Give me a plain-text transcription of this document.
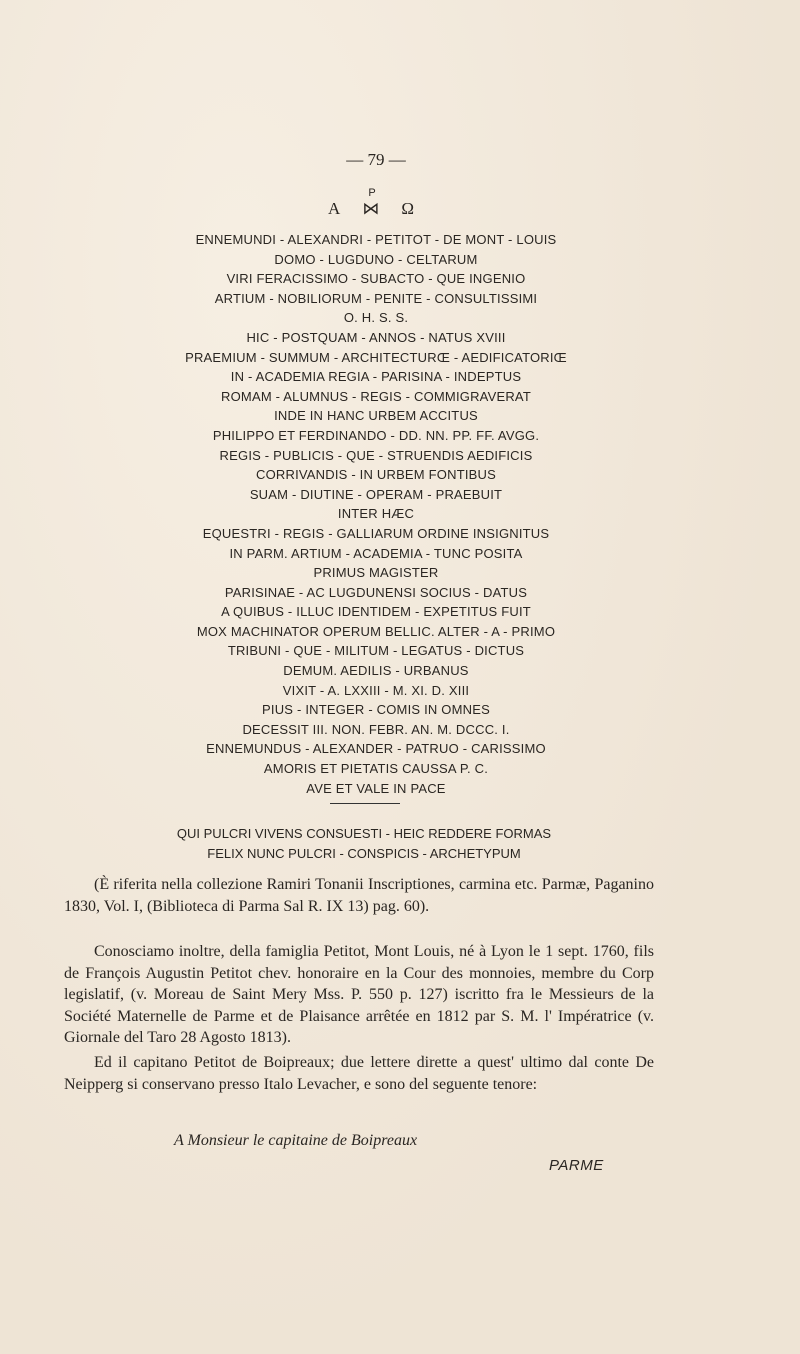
— 79 —
P
A ⋈ Ω
ENNEMUNDI - ALEXANDRI - PETITOT - DE MONT - LOUIS
DOMO - LUGDUNO - CELTARUM
VIRI FERACISSIMO - SUBACTO - QUE INGENIO
ARTIUM - NOBILIORUM - PENITE - CONSULTISSIMI
O. H. S. S.
HIC - POSTQUAM - ANNOS - NATUS XVIII
PRAEMIUM - SUMMUM - ARCHITECTURŒ - AEDIFICATORIŒ
IN - ACADEMIA REGIA - PARISINA - INDEPTUS
ROMAM - ALUMNUS - REGIS - COMMIGRAVERAT
INDE IN HANC URBEM ACCITUS
PHILIPPO ET FERDINANDO - DD. NN. PP. FF. AVGG.
REGIS - PUBLICIS - QUE - STRUENDIS AEDIFICIS
CORRIVANDIS - IN URBEM FONTIBUS
SUAM - DIUTINE - OPERAM - PRAEBUIT
INTER HÆC
EQUESTRI - REGIS - GALLIARUM ORDINE INSIGNITUS
IN PARM. ARTIUM - ACADEMIA - TUNC POSITA
PRIMUS MAGISTER
PARISINAE - AC LUGDUNENSI SOCIUS - DATUS
A QUIBUS - ILLUC IDENTIDEM - EXPETITUS FUIT
MOX MACHINATOR OPERUM BELLIC. ALTER - A - PRIMO
TRIBUNI - QUE - MILITUM - LEGATUS - DICTUS
DEMUM. AEDILIS - URBANUS
VIXIT - A. LXXIII - M. XI. D. XIII
PIUS - INTEGER - COMIS IN OMNES
DECESSIT III. NON. FEBR. AN. M. DCCC. I.
ENNEMUNDUS - ALEXANDER - PATRUO - CARISSIMO
AMORIS ET PIETATIS CAUSSA P. C.
AVE ET VALE IN PACE
QUI PULCRI VIVENS CONSUESTI - HEIC REDDERE FORMAS
FELIX NUNC PULCRI - CONSPICIS - ARCHETYPUM

(È riferita nella collezione Ramiri Tonanii Inscriptiones, carmina etc. Parmæ, Paganino 1830, Vol. I, (Biblioteca di Parma Sal R. IX 13) pag. 60).

Conosciamo inoltre, della famiglia Petitot, Mont Louis, né à Lyon le 1 sept. 1760, fils de François Augustin Petitot chev. honoraire en la Cour des monnoies, membre du Corp legislatif, (v. Moreau de Saint Mery Mss. P. 550 p. 127) iscritto fra le Messieurs de la Société Maternelle de Parme et de Plaisance arrêtée en 1812 par S. M. l' Impératrice (v. Giornale del Taro 28 Agosto 1813).

Ed il capitano Petitot de Boipreaux; due lettere dirette a quest' ultimo dal conte De Neipperg si conservano presso Italo Levacher, e sono del seguente tenore:

A Monsieur le capitaine de Boipreaux
PARME
